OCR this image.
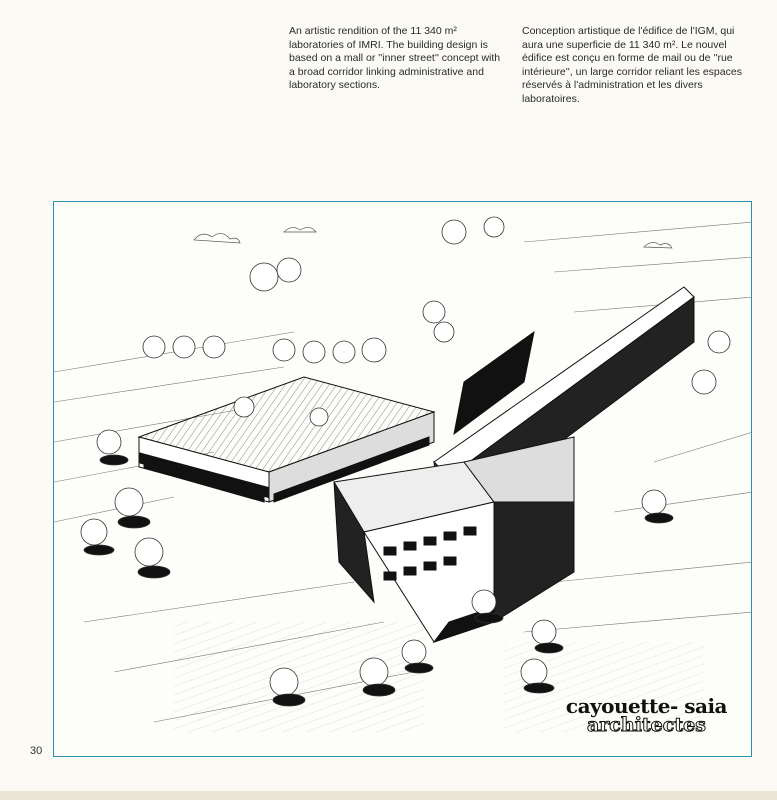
An artistic rendition of the 11 340 m² laboratories of IMRI. The building design is based on a mall or ''inner street'' concept with a broad corridor linking administrative and laboratory sections.
Conception artistique de l'édifice de l'IGM, qui aura une superficie de 11 340 m². Le nouvel édifice est conçu en forme de mail ou de ''rue intérieure'', un large corridor reliant les espaces réservés à l'administration et les divers laboratoires.
cayouette- saia
architectes
30
